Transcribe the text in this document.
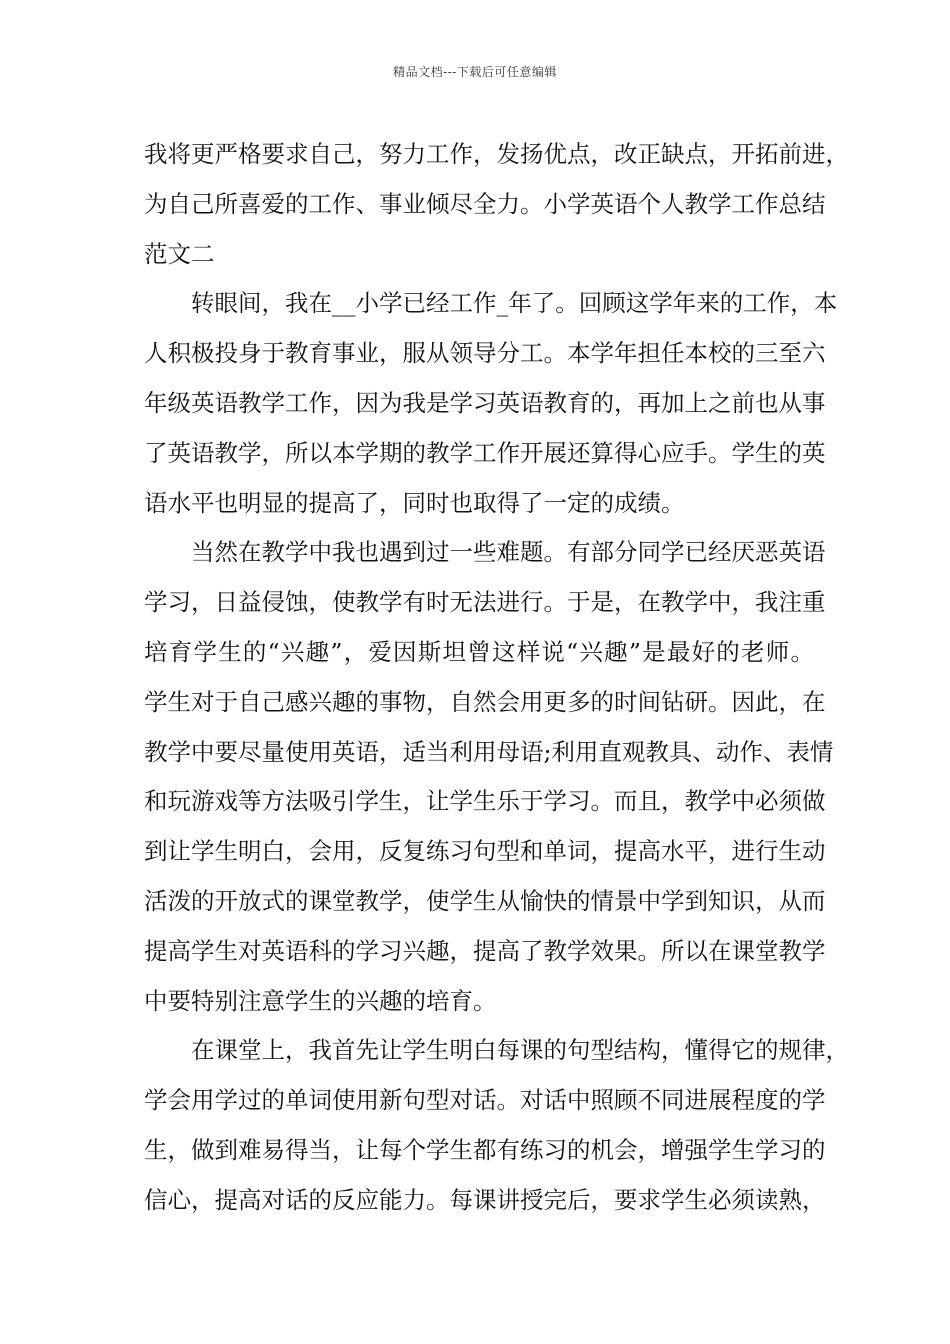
精品文档---下载后可任意编辑
我将更严格要求自己，努力工作，发扬优点，改正缺点，开拓前进，
为自己所喜爱的工作、事业倾尽全力。小学英语个人教学工作总结
范文二
转眼间，我在__小学已经工作_年了。回顾这学年来的工作，本
人积极投身于教育事业，服从领导分工。本学年担任本校的三至六
年级英语教学工作，因为我是学习英语教育的，再加上之前也从事
了英语教学，所以本学期的教学工作开展还算得心应手。学生的英
语水平也明显的提高了，同时也取得了一定的成绩。
当然在教学中我也遇到过一些难题。有部分同学已经厌恶英语
学习，日益侵蚀，使教学有时无法进行。于是，在教学中，我注重
培育学生的“兴趣”，爱因斯坦曾这样说“兴趣”是最好的老师。
学生对于自己感兴趣的事物，自然会用更多的时间钻研。因此，在
教学中要尽量使用英语，适当利用母语;利用直观教具、动作、表情
和玩游戏等方法吸引学生，让学生乐于学习。而且，教学中必须做
到让学生明白，会用，反复练习句型和单词，提高水平，进行生动
活泼的开放式的课堂教学，使学生从愉快的情景中学到知识，从而
提高学生对英语科的学习兴趣，提高了教学效果。所以在课堂教学
中要特别注意学生的兴趣的培育。
在课堂上，我首先让学生明白每课的句型结构，懂得它的规律，
学会用学过的单词使用新句型对话。对话中照顾不同进展程度的学
生，做到难易得当，让每个学生都有练习的机会，增强学生学习的
信心，提高对话的反应能力。每课讲授完后，要求学生必须读熟，
